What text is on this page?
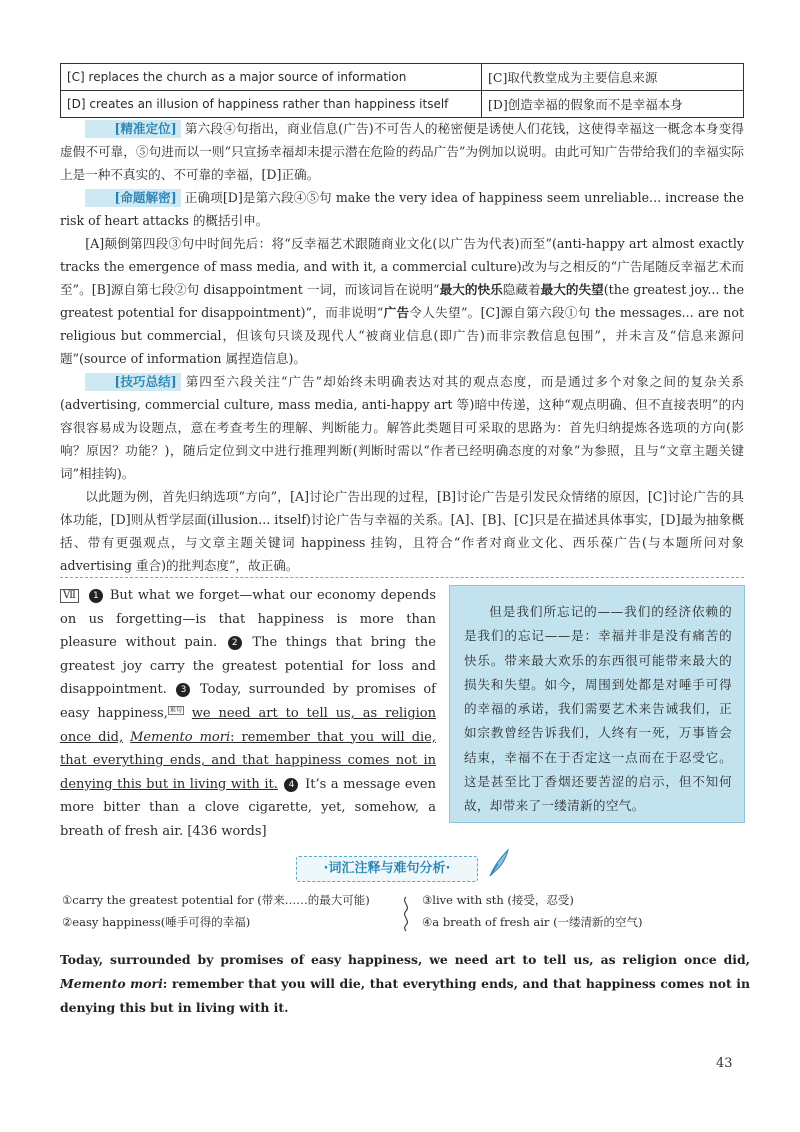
[C] replaces the church as a major source of information	[C]取代教堂成为主要信息来源
[D] creates an illusion of happiness rather than happiness itself	[D]创造幸福的假象而不是幸福本身

[精准定位] 第六段④句指出，商业信息(广告)不可告人的秘密便是诱使人们花钱，这使得幸福这一概念本身变得虚假不可靠，⑤句进而以一则“只宣扬幸福却未提示潜在危险的药品广告”为例加以说明。由此可知广告带给我们的幸福实际上是一种不真实的、不可靠的幸福，[D]正确。

[命题解密] 正确项[D]是第六段④⑤句 make the very idea of happiness seem unreliable... increase the risk of heart attacks 的概括引申。

[A]颠倒第四段③句中时间先后：将“反幸福艺术跟随商业文化(以广告为代表)而至”(anti-happy art almost exactly tracks the emergence of mass media, and with it, a commercial culture)改为与之相反的“广告尾随反幸福艺术而至”。[B]源自第七段②句 disappointment 一词，而该词旨在说明“最大的快乐隐藏着最大的失望(the greatest joy... the greatest potential for disappointment)”，而非说明“广告令人失望”。[C]源自第六段①句 the messages... are not religious but commercial，但该句只谈及现代人“被商业信息(即广告)而非宗教信息包围”，并未言及“信息来源问题”(source of information 属捏造信息)。

[技巧总结] 第四至六段关注“广告”却始终未明确表达对其的观点态度，而是通过多个对象之间的复杂关系(advertising, commercial culture, mass media, anti-happy art 等)暗中传递，这种“观点明确、但不直接表明”的内容很容易成为设题点，意在考查考生的理解、判断能力。解答此类题目可采取的思路为：首先归纳提炼各选项的方向(影响？原因？功能？)，随后定位到文中进行推理判断(判断时需以“作者已经明确态度的对象”为参照，且与“文章主题关键词”相挂钩)。

以此题为例，首先归纳选项“方向”，[A]讨论广告出现的过程，[B]讨论广告是引发民众情绪的原因，[C]讨论广告的具体功能，[D]则从哲学层面(illusion... itself)讨论广告与幸福的关系。[A]、[B]、[C]只是在描述具体事实，[D]最为抽象概括、带有更强观点，与文章主题关键词 happiness 挂钩，且符合“作者对商业文化、西乐葆广告(与本题所问对象 advertising 重合)的批判态度”，故正确。

Ⅶ 1 But what we forget—what our economy depends on us forgetting—is that happiness is more than pleasure without pain. 2 The things that bring the greatest joy carry the greatest potential for loss and disappointment. 3 Today, surrounded by promises of easy happiness, 难句 we need art to tell us, as religion once did, Memento mori: remember that you will die, that everything ends, and that happiness comes not in denying this but in living with it. 4 It’s a message even more bitter than a clove cigarette, yet, somehow, a breath of fresh air. [436 words]

但是我们所忘记的——我们的经济依赖的是我们的忘记——是：幸福并非是没有痛苦的快乐。带来最大欢乐的东西很可能带来最大的损失和失望。如今，周围到处都是对唾手可得的幸福的承诺，我们需要艺术来告诫我们，正如宗教曾经告诉我们，人终有一死，万事皆会结束，幸福不在于否定这一点而在于忍受它。这是甚至比丁香烟还要苦涩的启示，但不知何故，却带来了一缕清新的空气。
·词汇注释与难句分析·
①carry the greatest potential for (带来……的最大可能)
②easy happiness(唾手可得的幸福)
③live with sth (接受，忍受)
④a breath of fresh air (一缕清新的空气)

Today, surrounded by promises of easy happiness, we need art to tell us, as religion once did, Memento mori: remember that you will die, that everything ends, and that happiness comes not in denying this but in living with it.

43
